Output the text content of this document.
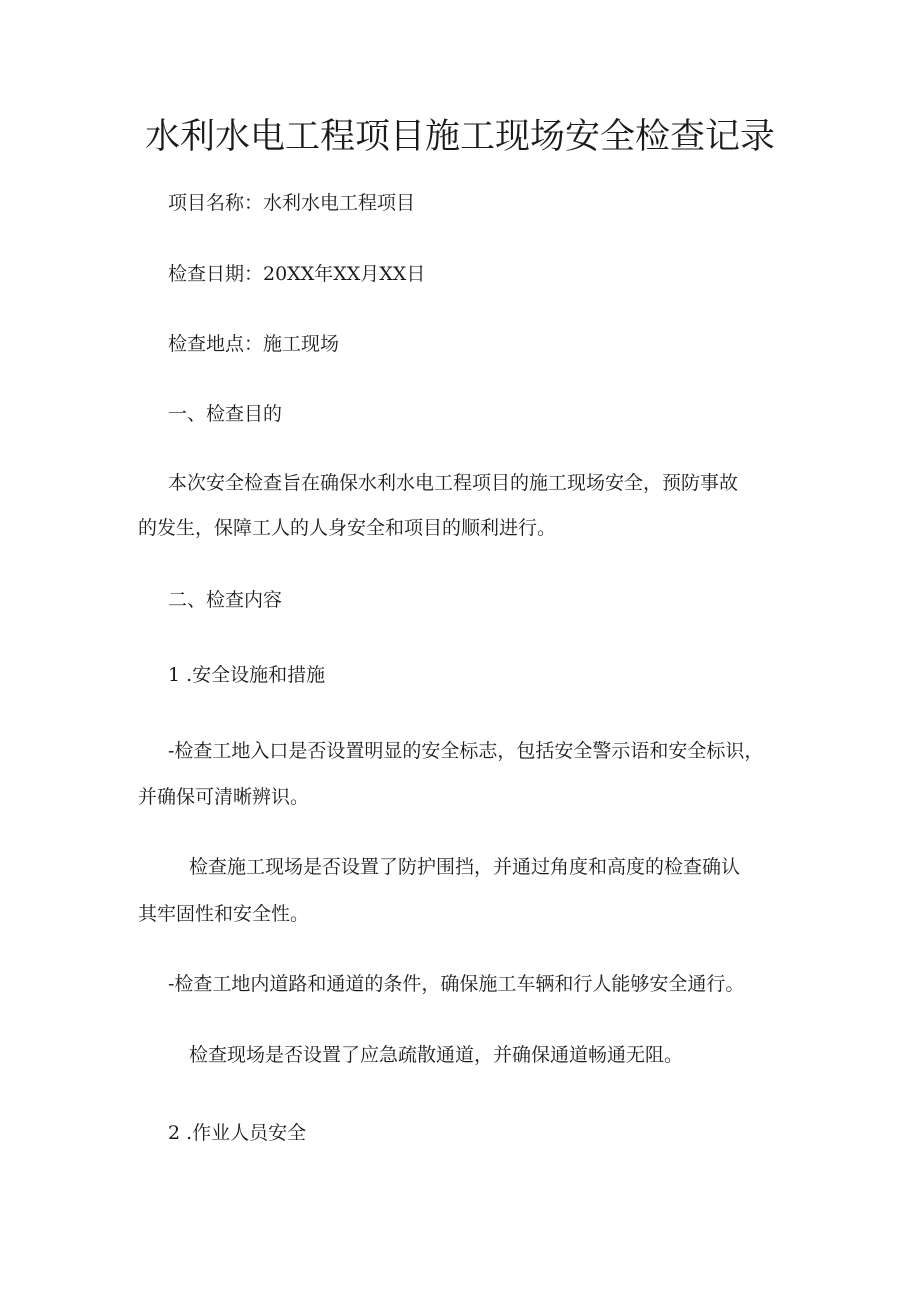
水利水电工程项目施工现场安全检查记录

项目名称：水利水电工程项目

检查日期：20XX年XX月XX日

检查地点：施工现场

一、检查目的

本次安全检查旨在确保水利水电工程项目的施工现场安全，预防事故

的发生，保障工人的人身安全和项目的顺利进行。

二、检查内容

1 .安全设施和措施

-检查工地入口是否设置明显的安全标志，包括安全警示语和安全标识，

并确保可清晰辨识。

检查施工现场是否设置了防护围挡，并通过角度和高度的检查确认

其牢固性和安全性。

-检查工地内道路和通道的条件，确保施工车辆和行人能够安全通行。

检查现场是否设置了应急疏散通道，并确保通道畅通无阻。

2 .作业人员安全
